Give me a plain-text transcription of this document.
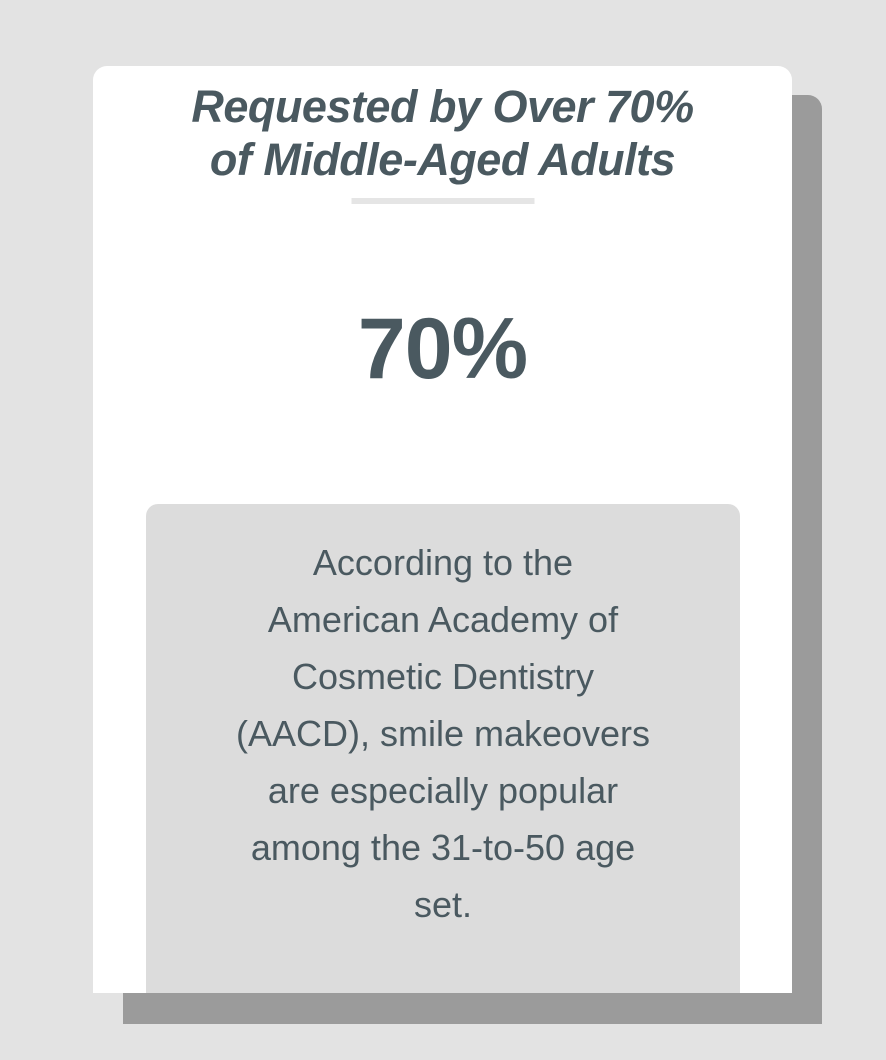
Requested by Over 70%
of Middle-Aged Adults
70%
According to the
American Academy of
Cosmetic Dentistry
(AACD), smile makeovers
are especially popular
among the 31-to-50 age
set.
